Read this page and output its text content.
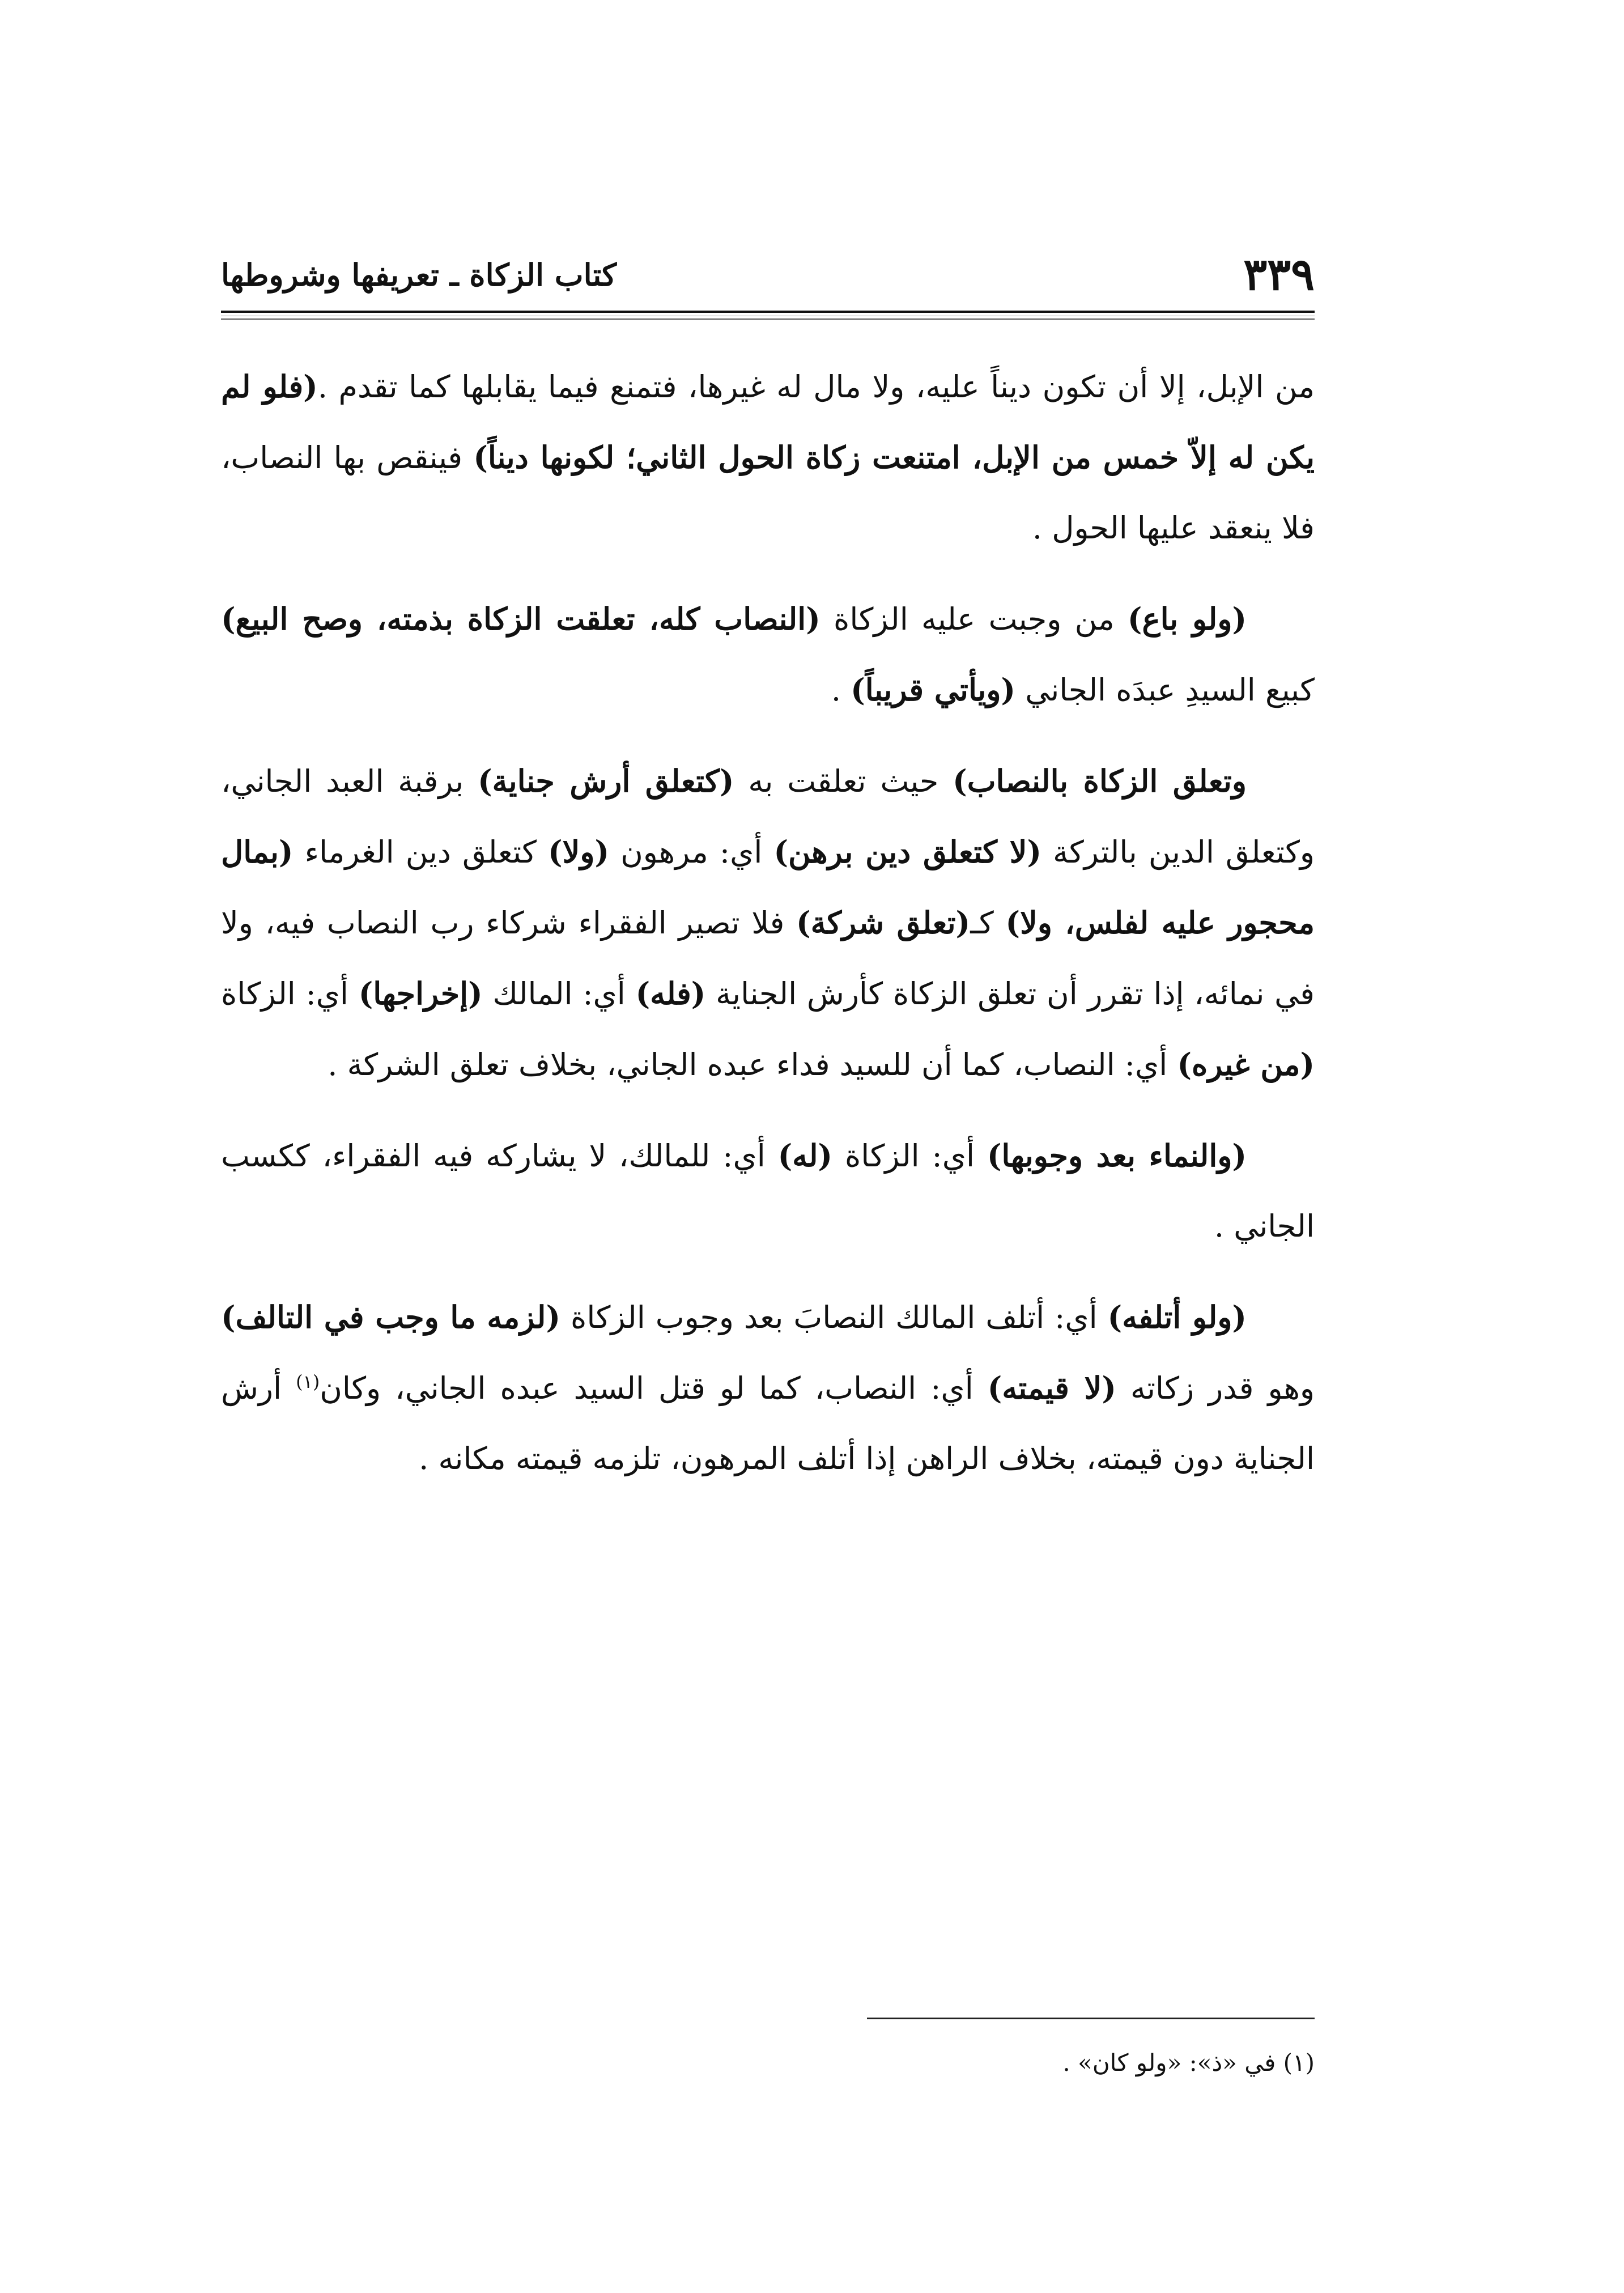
٣٣٩
كتاب الزكاة ـ تعريفها وشروطها

من الإبل، إلا أن تكون ديناً عليه، ولا مال له غيرها، فتمنع فيما يقابلها كما تقدم .(فلو لم يكن له إلاّ خمس من الإبل، امتنعت زكاة الحول الثاني؛ لكونها ديناً) فينقص بها النصاب، فلا ينعقد عليها الحول .

(ولو باع) من وجبت عليه الزكاة (النصاب كله، تعلقت الزكاة بذمته، وصح البيع) كبيع السيدِ عبدَه الجاني (ويأتي قريباً) .

وتعلق الزكاة بالنصاب) حيث تعلقت به (كتعلق أرش جناية) برقبة العبد الجاني، وكتعلق الدين بالتركة (لا كتعلق دين برهن) أي: مرهون (ولا) كتعلق دين الغرماء (بمال محجور عليه لفلس، ولا) كـ(تعلق شركة) فلا تصير الفقراء شركاء رب النصاب فيه، ولا في نمائه، إذا تقرر أن تعلق الزكاة كأرش الجناية (فله) أي: المالك (إخراجها) أي: الزكاة (من غيره) أي: النصاب، كما أن للسيد فداء عبده الجاني، بخلاف تعلق الشركة .

(والنماء بعد وجوبها) أي: الزكاة (له) أي: للمالك، لا يشاركه فيه الفقراء، ككسب الجاني .

(ولو أتلفه) أي: أتلف المالك النصابَ بعد وجوب الزكاة (لزمه ما وجب في التالف) وهو قدر زكاته (لا قيمته) أي: النصاب، كما لو قتل السيد عبده الجاني، وكان$^{(١)}$ أرش الجناية دون قيمته، بخلاف الراهن إذا أتلف المرهون، تلزمه قيمته مكانه .

(١) في «ذ»: «ولو كان» .
